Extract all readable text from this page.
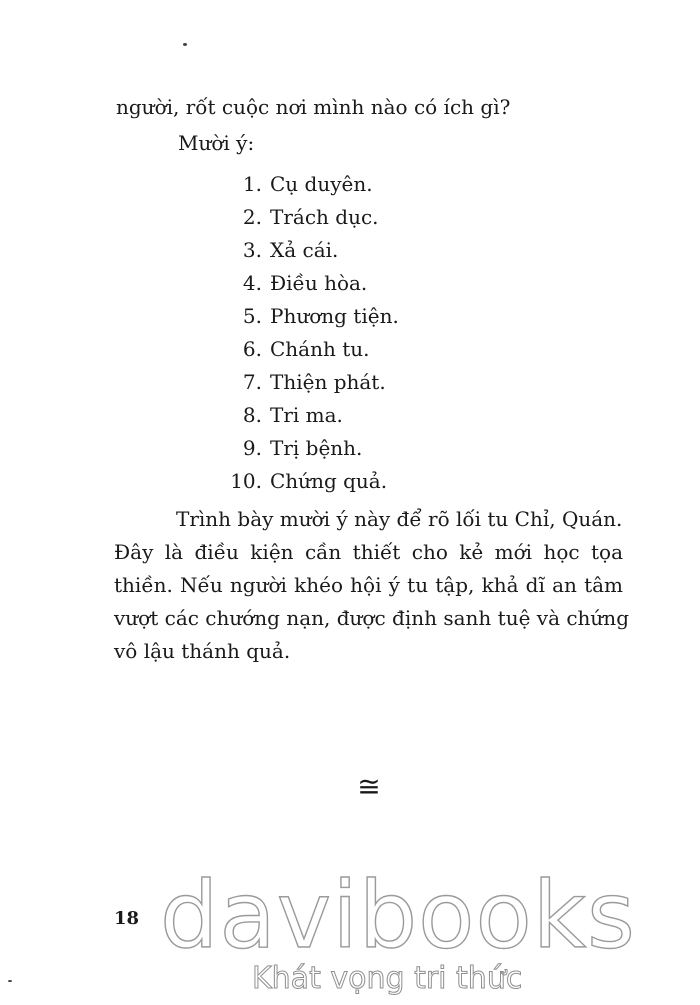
người, rốt cuộc nơi mình nào có ích gì?
Mười ý:
1. Cụ duyên.
2. Trách dục.
3. Xả cái.
4. Điều hòa.
5. Phương tiện.
6. Chánh tu.
7. Thiện phát.
8. Tri ma.
9. Trị bệnh.
10. Chứng quả.
Trình bày mười ý này để rõ lối tu Chỉ, Quán.
Đây là điều kiện cần thiết cho kẻ mới học tọa
thiền. Nếu người khéo hội ý tu tập, khả dĩ an tâm
vượt các chướng nạn, được định sanh tuệ và chứng
vô lậu thánh quả.
≅
18 davibooks
Khát vọng tri thức
